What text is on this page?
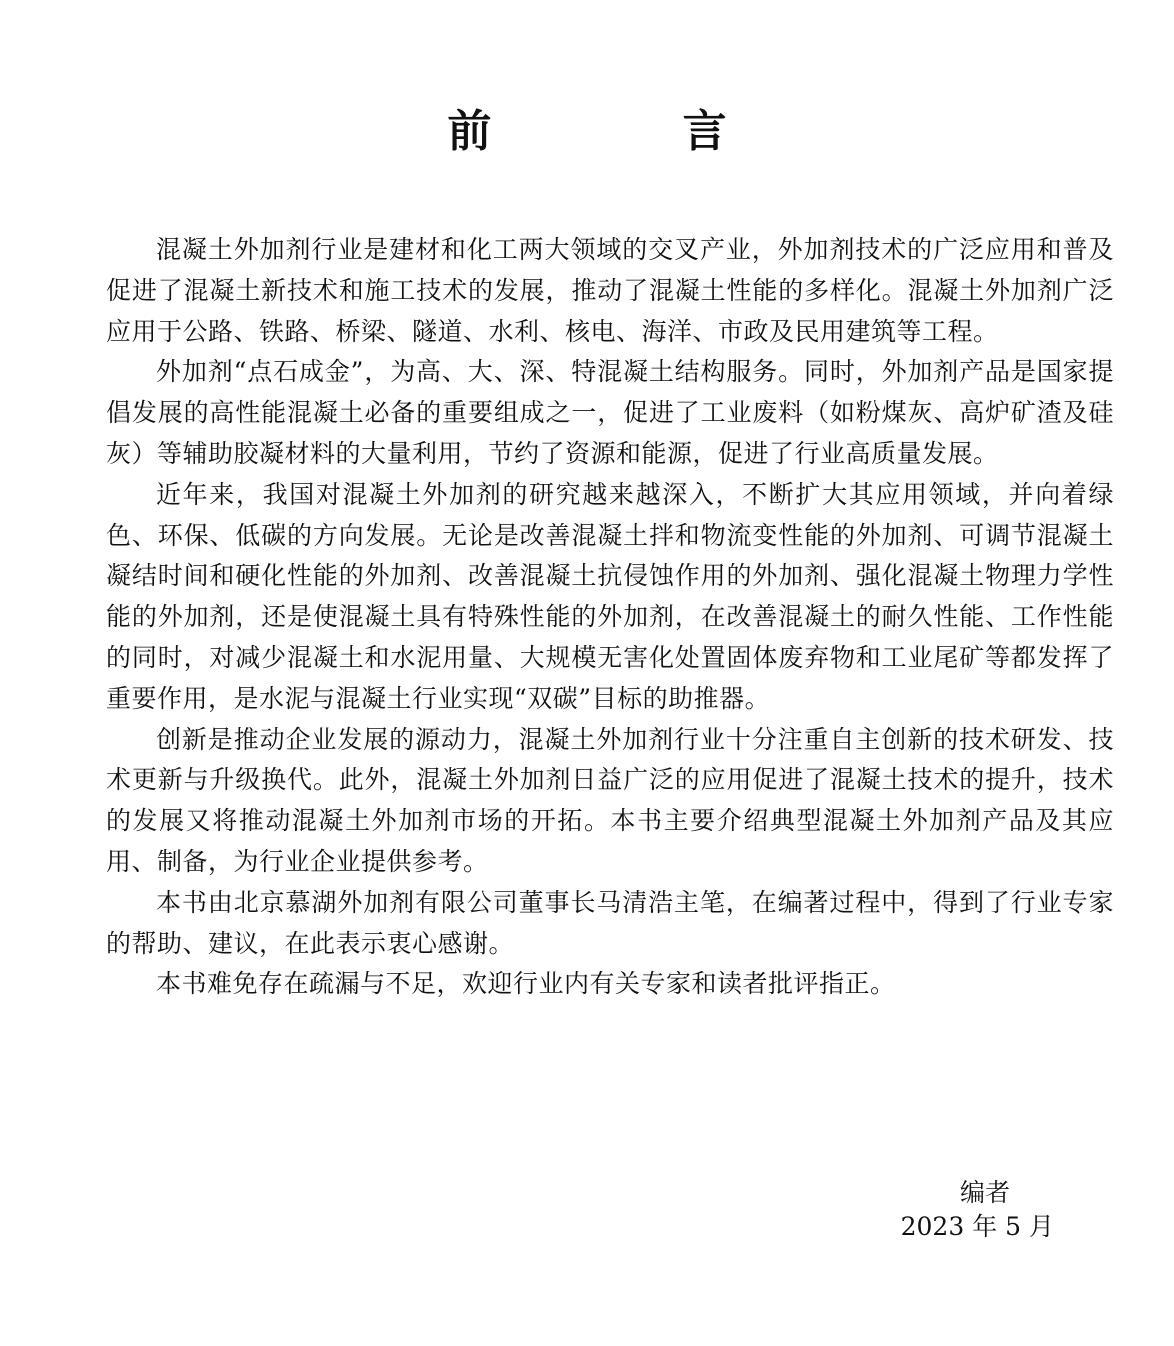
前 言

混凝土外加剂行业是建材和化工两大领域的交叉产业，外加剂技术的广泛应用和普及促进了混凝土新技术和施工技术的发展，推动了混凝土性能的多样化。混凝土外加剂广泛应用于公路、铁路、桥梁、隧道、水利、核电、海洋、市政及民用建筑等工程。

外加剂“点石成金”，为高、大、深、特混凝土结构服务。同时，外加剂产品是国家提倡发展的高性能混凝土必备的重要组成之一，促进了工业废料（如粉煤灰、高炉矿渣及硅灰）等辅助胶凝材料的大量利用，节约了资源和能源，促进了行业高质量发展。

近年来，我国对混凝土外加剂的研究越来越深入，不断扩大其应用领域，并向着绿色、环保、低碳的方向发展。无论是改善混凝土拌和物流变性能的外加剂、可调节混凝土凝结时间和硬化性能的外加剂、改善混凝土抗侵蚀作用的外加剂、强化混凝土物理力学性能的外加剂，还是使混凝土具有特殊性能的外加剂，在改善混凝土的耐久性能、工作性能的同时，对减少混凝土和水泥用量、大规模无害化处置固体废弃物和工业尾矿等都发挥了重要作用，是水泥与混凝土行业实现“双碳”目标的助推器。

创新是推动企业发展的源动力，混凝土外加剂行业十分注重自主创新的技术研发、技术更新与升级换代。此外，混凝土外加剂日益广泛的应用促进了混凝土技术的提升，技术的发展又将推动混凝土外加剂市场的开拓。本书主要介绍典型混凝土外加剂产品及其应用、制备，为行业企业提供参考。

本书由北京慕湖外加剂有限公司董事长马清浩主笔，在编著过程中，得到了行业专家的帮助、建议，在此表示衷心感谢。

本书难免存在疏漏与不足，欢迎行业内有关专家和读者批评指正。

编者
2023 年 5 月
